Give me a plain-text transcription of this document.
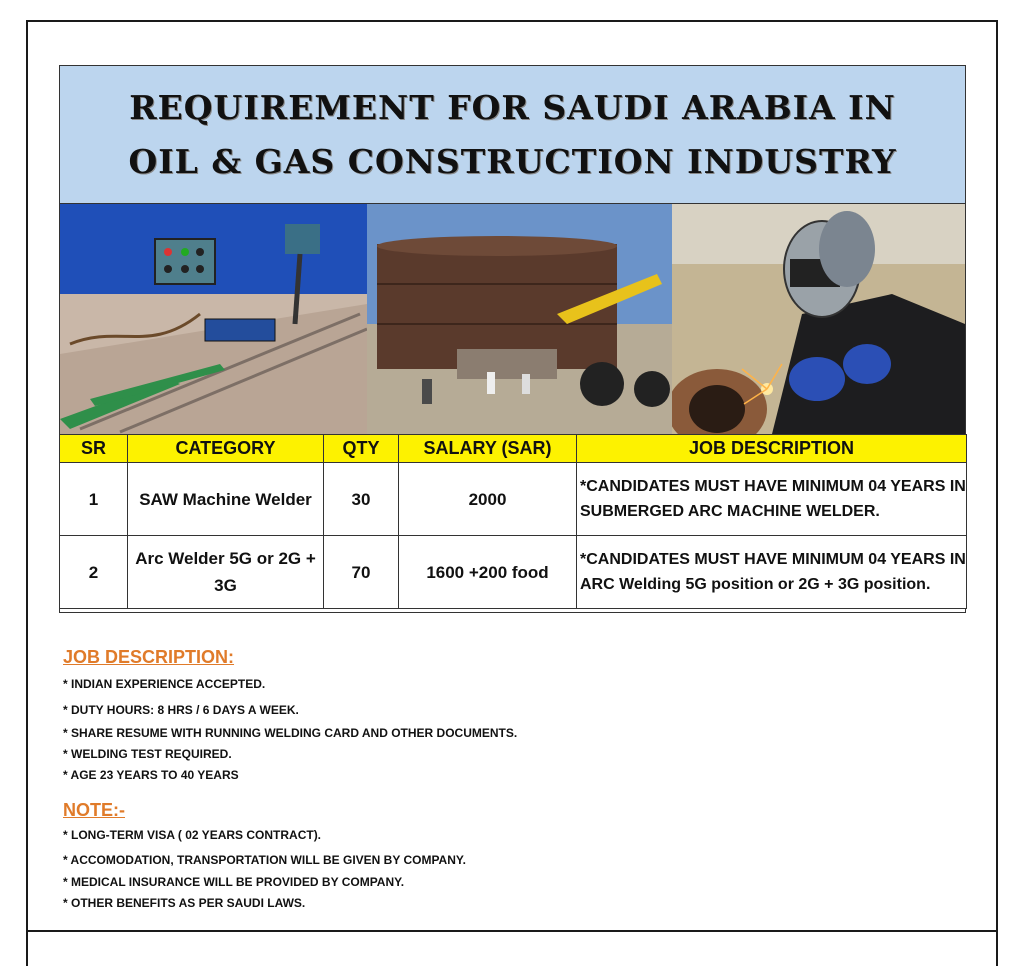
REQUIREMENT FOR SAUDI ARABIA IN
OIL & GAS CONSTRUCTION INDUSTRY
SR	CATEGORY	QTY	SALARY (SAR)	JOB DESCRIPTION
1	SAW Machine Welder	30	2000	*CANDIDATES MUST HAVE MINIMUM 04 YEARS IN SUBMERGED ARC MACHINE WELDER.
2	Arc Welder 5G or 2G + 3G	70	1600 +200 food	*CANDIDATES MUST HAVE MINIMUM 04 YEARS IN ARC Welding 5G position or 2G + 3G position.
JOB DESCRIPTION:
* INDIAN EXPERIENCE ACCEPTED.
* DUTY HOURS: 8 HRS / 6 DAYS A WEEK.
* SHARE RESUME WITH RUNNING WELDING CARD AND OTHER DOCUMENTS.
* WELDING TEST REQUIRED.
* AGE 23 YEARS TO 40 YEARS
NOTE:-
* LONG-TERM VISA ( 02 YEARS CONTRACT).
* ACCOMODATION, TRANSPORTATION WILL BE GIVEN BY COMPANY.
* MEDICAL INSURANCE WILL BE PROVIDED BY COMPANY.
* OTHER BENEFITS AS PER SAUDI LAWS.
